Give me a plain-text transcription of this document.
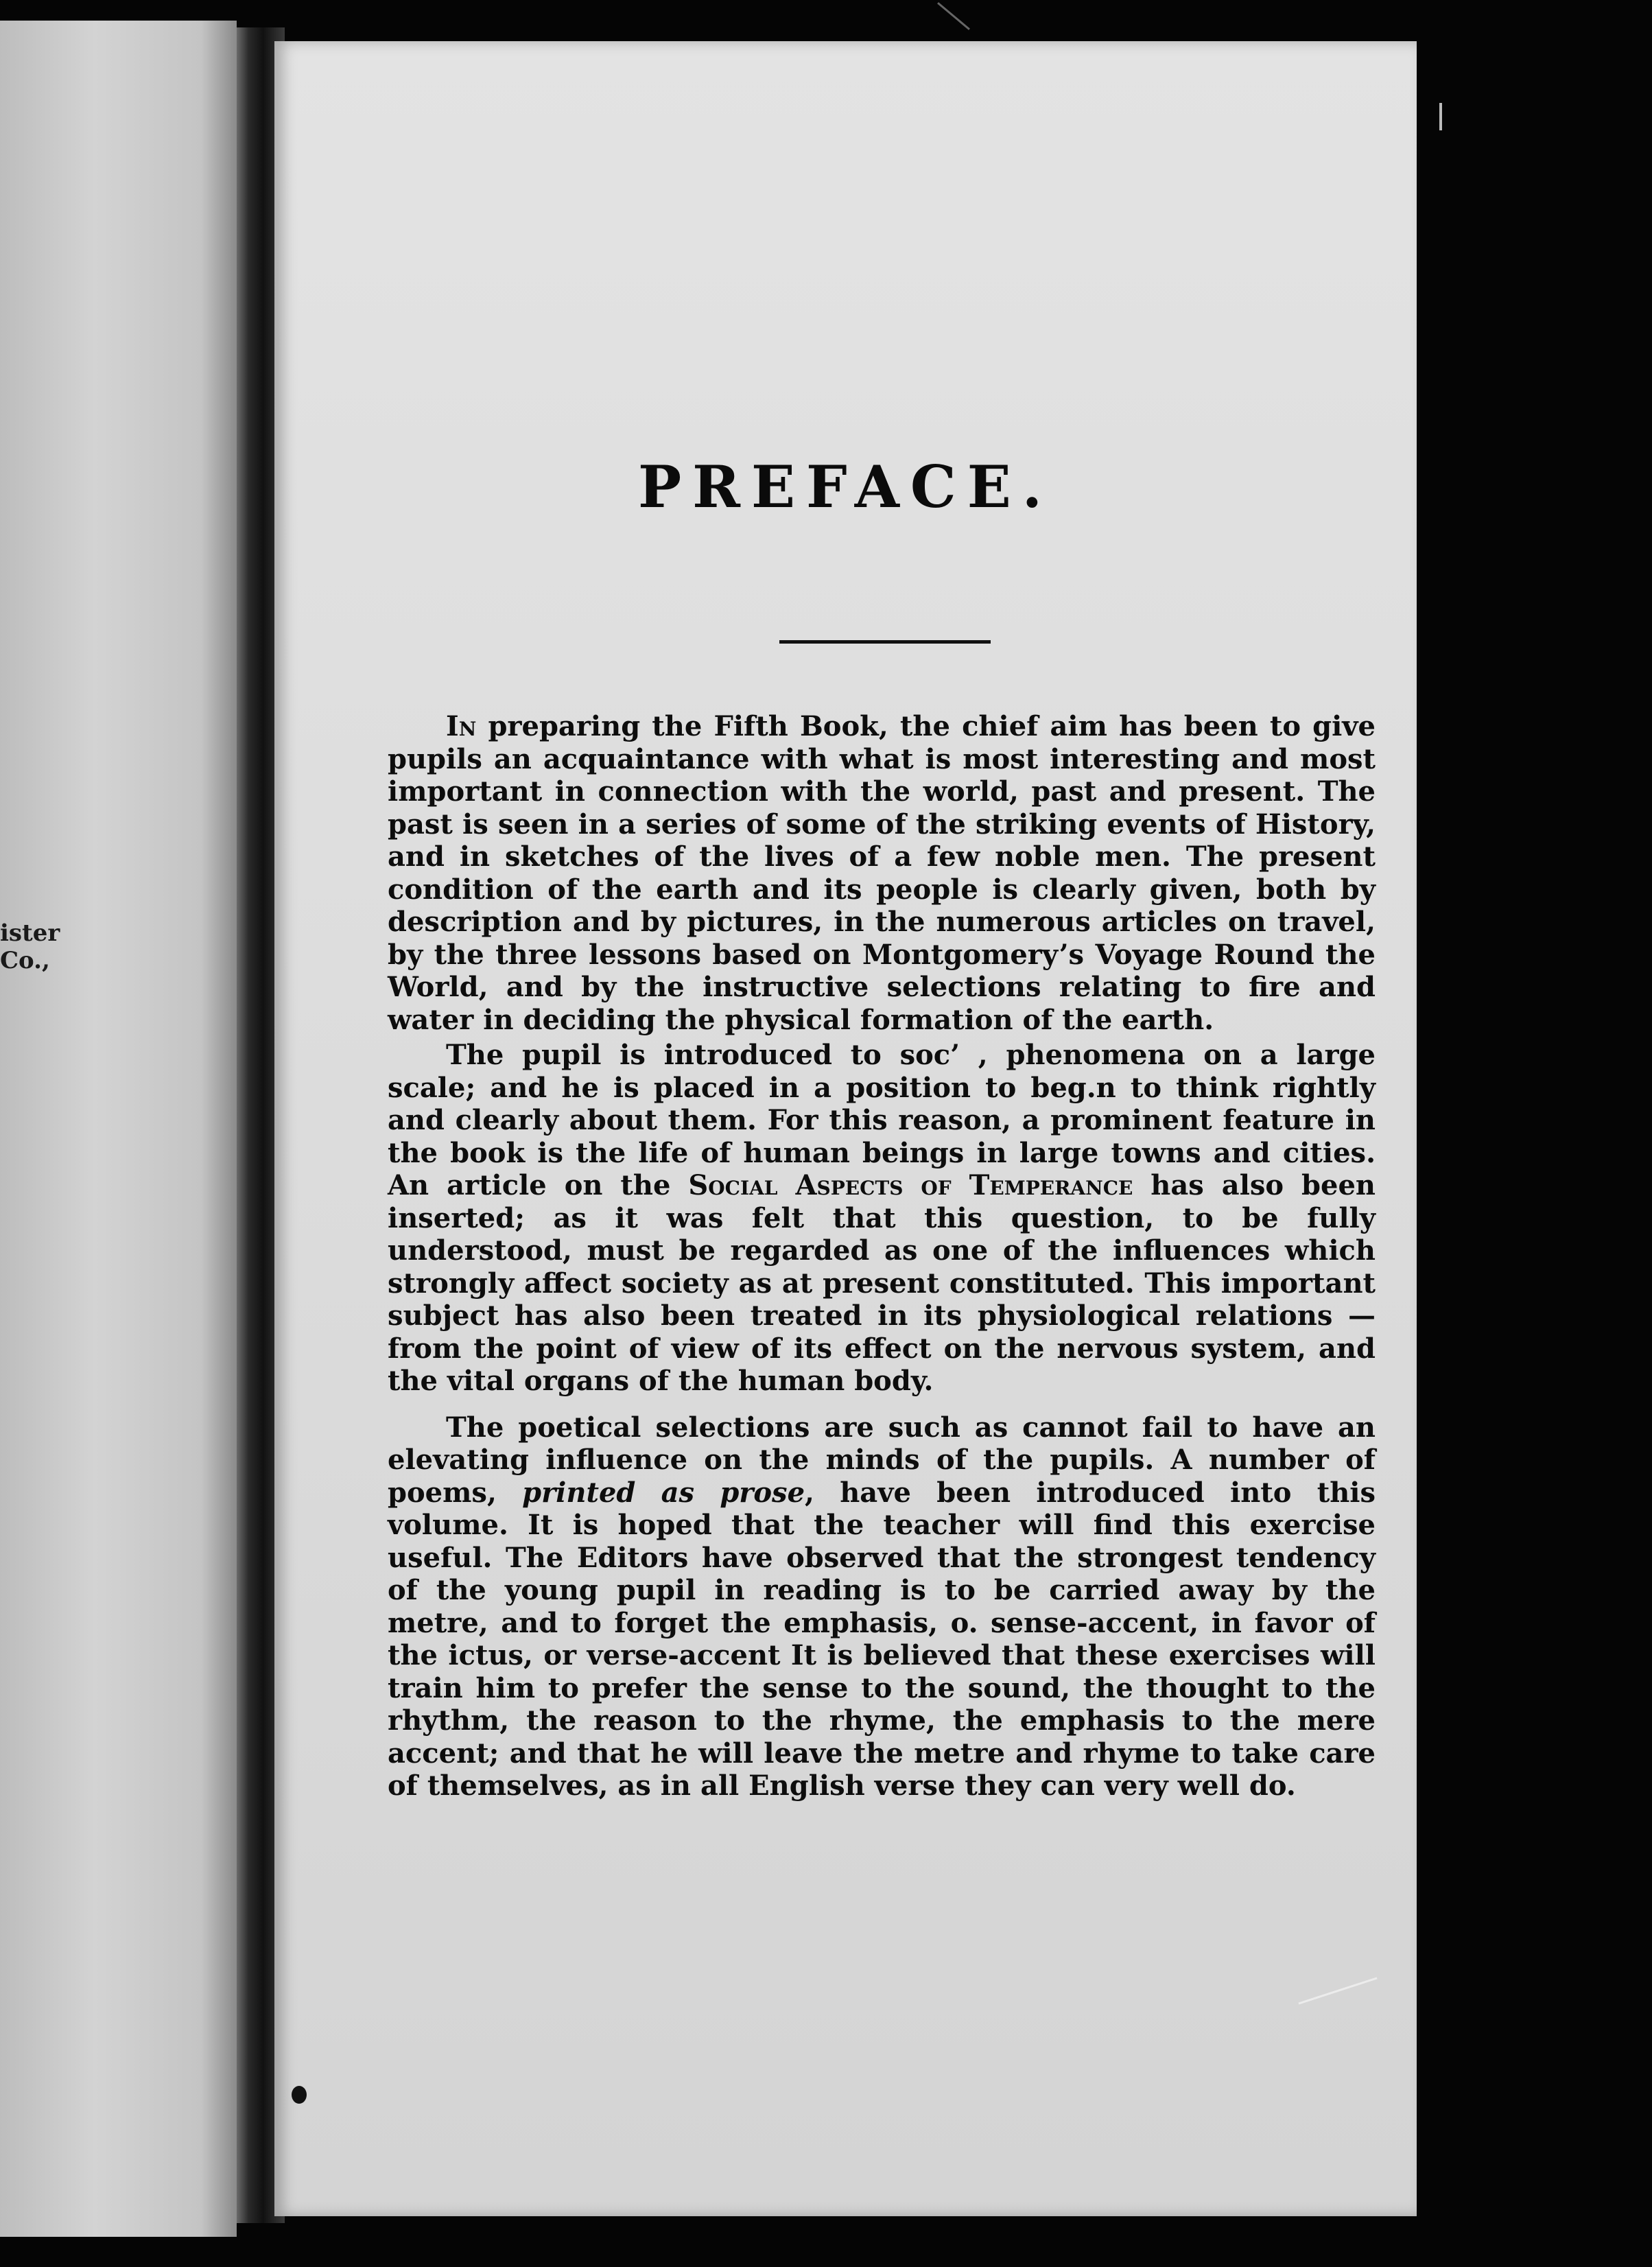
ister
Co.,
PREFACE.

In preparing the Fifth Book, the chief aim has been to give pupils an acquaintance with what is most interesting and most important in connection with the world, past and present. The past is seen in a series of some of the striking events of History, and in sketches of the lives of a few noble men. The present condition of the earth and its people is clearly given, both by description and by pictures, in the numerous articles on travel, by the three lessons based on Montgomery’s Voyage Round the World, and by the instructive selections relating to fire and water in deciding the physical formation of the earth.

The pupil is introduced to soc’ , phenomena on a large scale; and he is placed in a position to beg.n to think rightly and clearly about them. For this reason, a prominent feature in the book is the life of human beings in large towns and cities. An article on the Social Aspects of Temperance has also been inserted; as it was felt that this question, to be fully understood, must be regarded as one of the influences which strongly affect society as at present constituted. This important subject has also been treated in its physiological relations — from the point of view of its effect on the nervous system, and the vital organs of the human body.

The poetical selections are such as cannot fail to have an elevating influence on the minds of the pupils. A number of poems, printed as prose, have been introduced into this volume. It is hoped that the teacher will find this exercise useful. The Editors have observed that the strongest tendency of the young pupil in reading is to be carried away by the metre, and to forget the emphasis, o. sense-accent, in favor of the ictus, or verse-accent It is believed that these exercises will train him to prefer the sense to the sound, the thought to the rhythm, the reason to the rhyme, the emphasis to the mere accent; and that he will leave the metre and rhyme to take care of themselves, as in all English verse they can very well do.
